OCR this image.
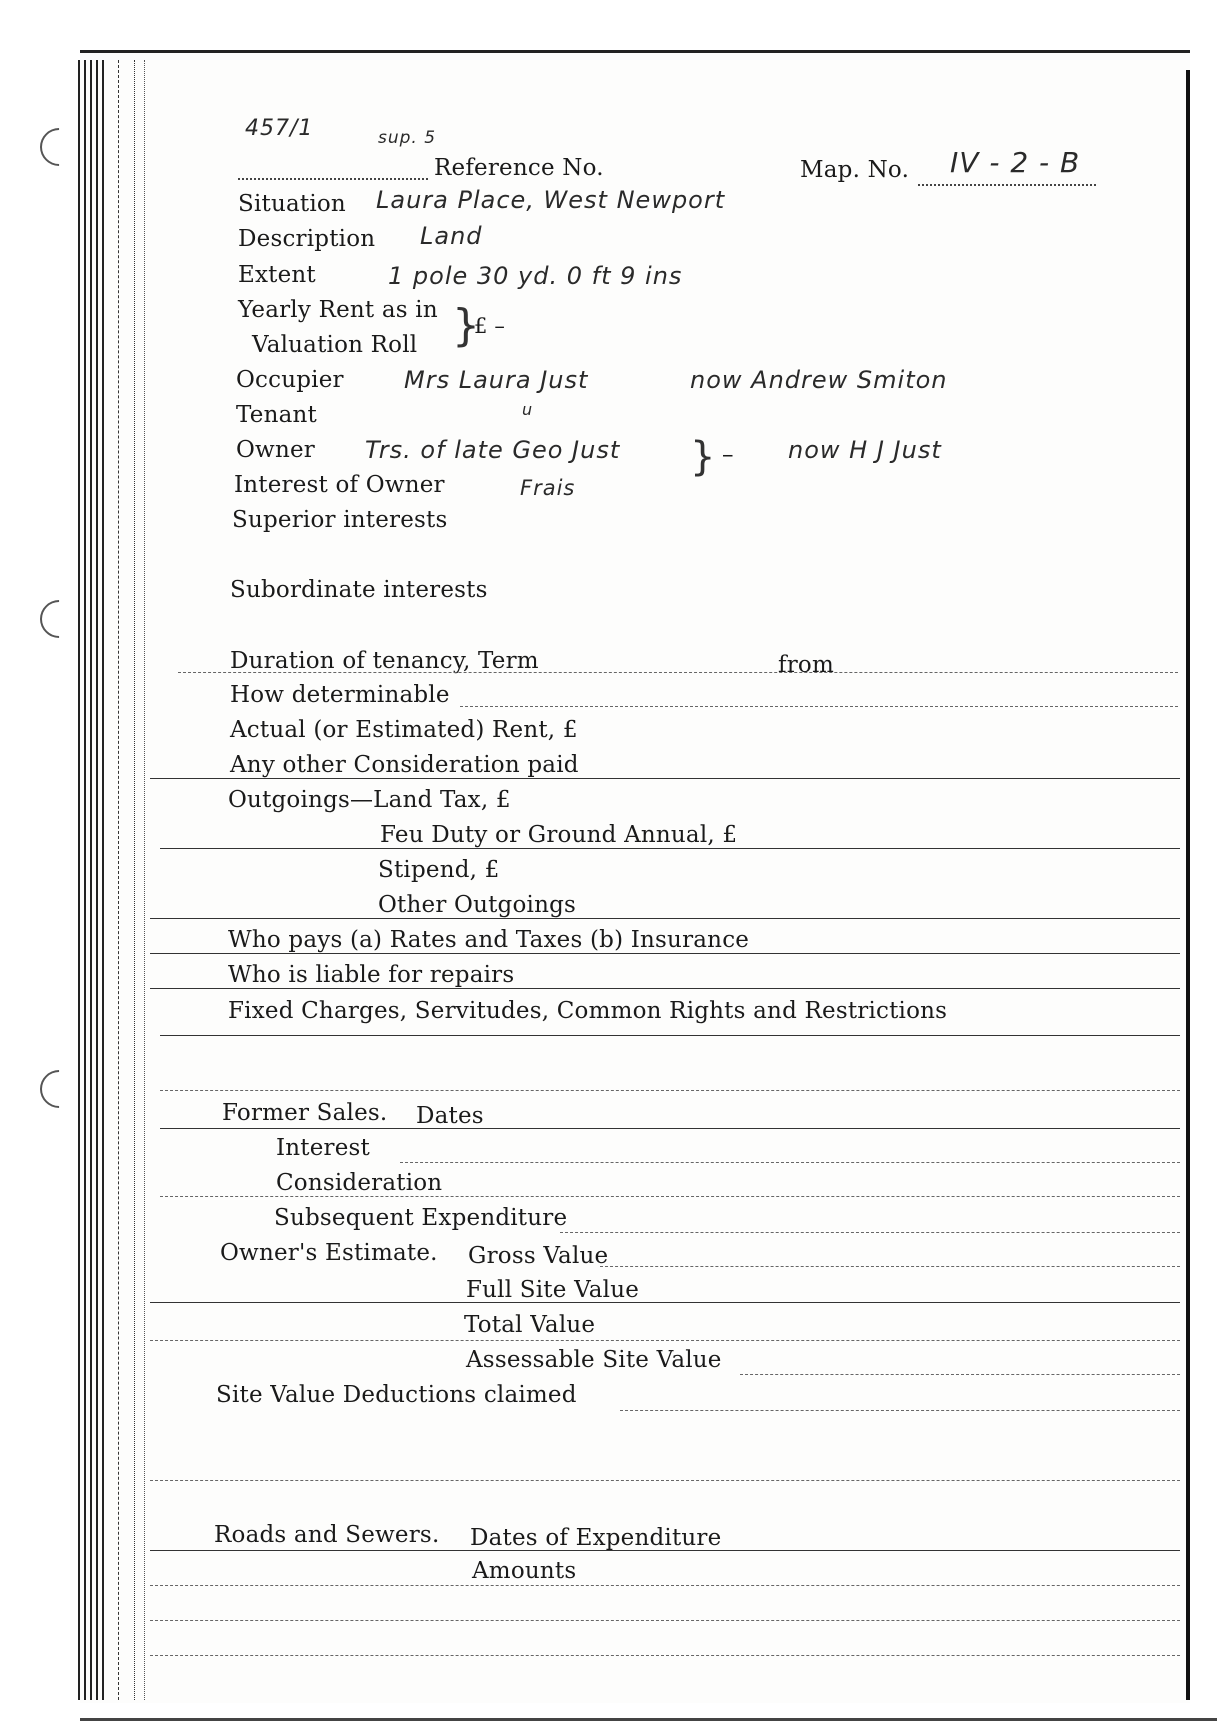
457/1	sup. 5
Reference No.	Map. No. IV - 2 - B
Situation Laura Place, West Newport
Description Land
Extent	1 pole 30 yd. 0 ft 9 ins
Yearly Rent as in
Valuation Roll }
£ –
Occupier	Mrs Laura Just	now Andrew Smiton
Tenant	u
Owner Trs. of late Geo Just } – now H J Just
Interest of Owner	Frais
Superior interests
Subordinate interests
Duration of tenancy, Term	from
How determinable
Actual (or Estimated) Rent, £
Any other Consideration paid
Outgoings—Land Tax, £
Feu Duty or Ground Annual, £
Stipend, £
Other Outgoings
Who pays (a) Rates and Taxes (b) Insurance
Who is liable for repairs
Fixed Charges, Servitudes, Common Rights and Restrictions
Former Sales. Dates
Interest
Consideration
Subsequent Expenditure
Owner's Estimate. Gross Value
Full Site Value
Total Value
Assessable Site Value
Site Value Deductions claimed
Roads and Sewers. Dates of Expenditure
Amounts
